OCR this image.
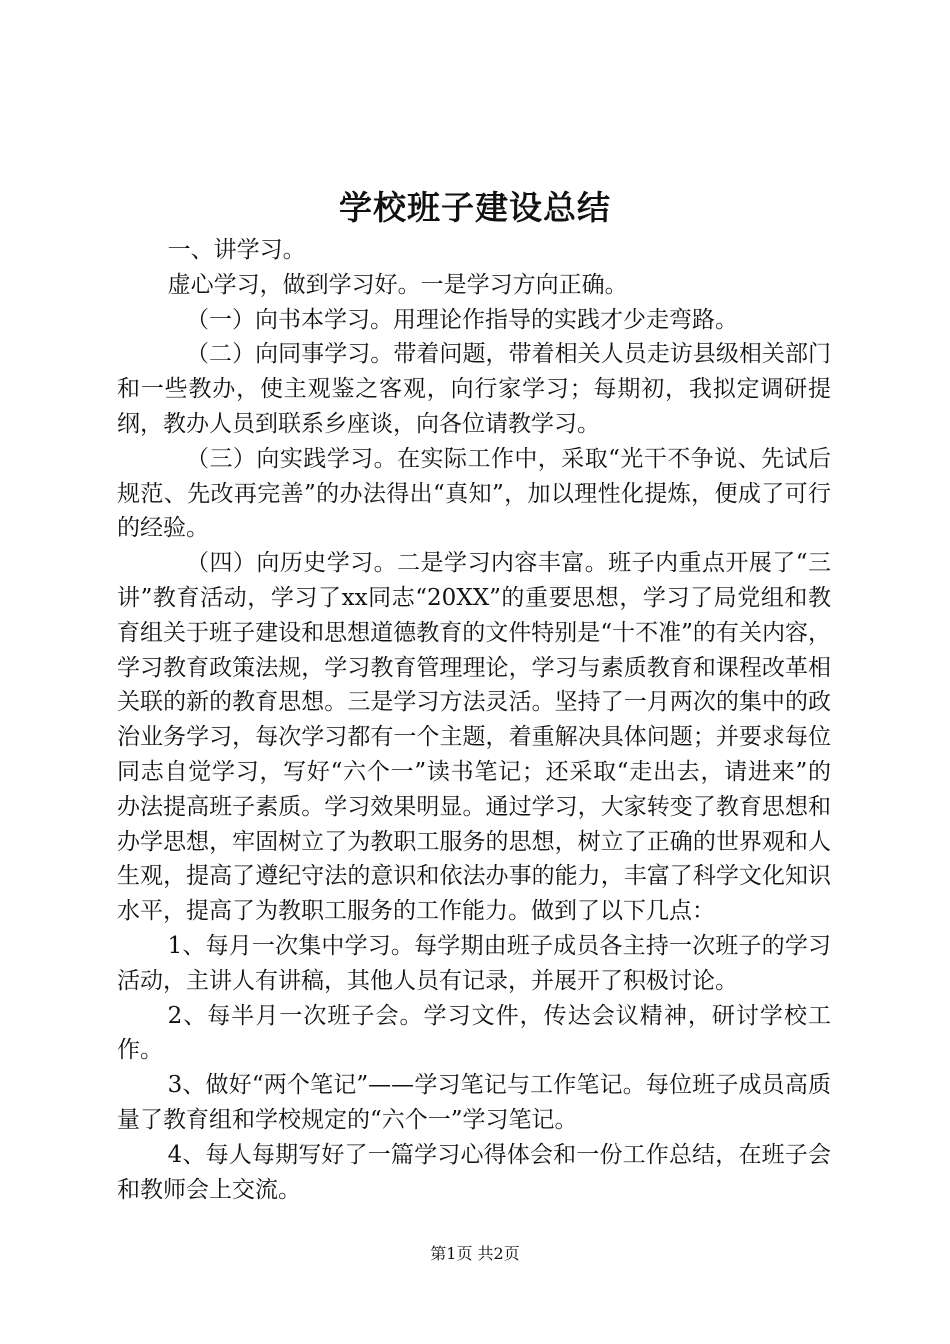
学校班子建设总结

一、讲学习。

虚心学习，做到学习好。一是学习方向正确。

（一）向书本学习。用理论作指导的实践才少走弯路。

（二）向同事学习。带着问题，带着相关人员走访县级相关部门和一些教办，使主观鉴之客观，向行家学习；每期初，我拟定调研提纲，教办人员到联系乡座谈，向各位请教学习。

（三）向实践学习。在实际工作中，采取“光干不争说、先试后规范、先改再完善”的办法得出“真知”，加以理性化提炼，便成了可行的经验。

（四）向历史学习。二是学习内容丰富。班子内重点开展了“三讲”教育活动，学习了xx同志“20XX”的重要思想，学习了局党组和教育组关于班子建设和思想道德教育的文件特别是“十不准”的有关内容，学习教育政策法规，学习教育管理理论，学习与素质教育和课程改革相关联的新的教育思想。三是学习方法灵活。坚持了一月两次的集中的政治业务学习，每次学习都有一个主题，着重解决具体问题；并要求每位同志自觉学习，写好“六个一”读书笔记；还采取“走出去，请进来”的办法提高班子素质。学习效果明显。通过学习，大家转变了教育思想和办学思想，牢固树立了为教职工服务的思想，树立了正确的世界观和人生观，提高了遵纪守法的意识和依法办事的能力，丰富了科学文化知识水平，提高了为教职工服务的工作能力。做到了以下几点：

1、每月一次集中学习。每学期由班子成员各主持一次班子的学习活动，主讲人有讲稿，其他人员有记录，并展开了积极讨论。

2、每半月一次班子会。学习文件，传达会议精神，研讨学校工作。

3、做好“两个笔记”——学习笔记与工作笔记。每位班子成员高质量了教育组和学校规定的“六个一”学习笔记。

4、每人每期写好了一篇学习心得体会和一份工作总结，在班子会和教师会上交流。

第1页 共2页
